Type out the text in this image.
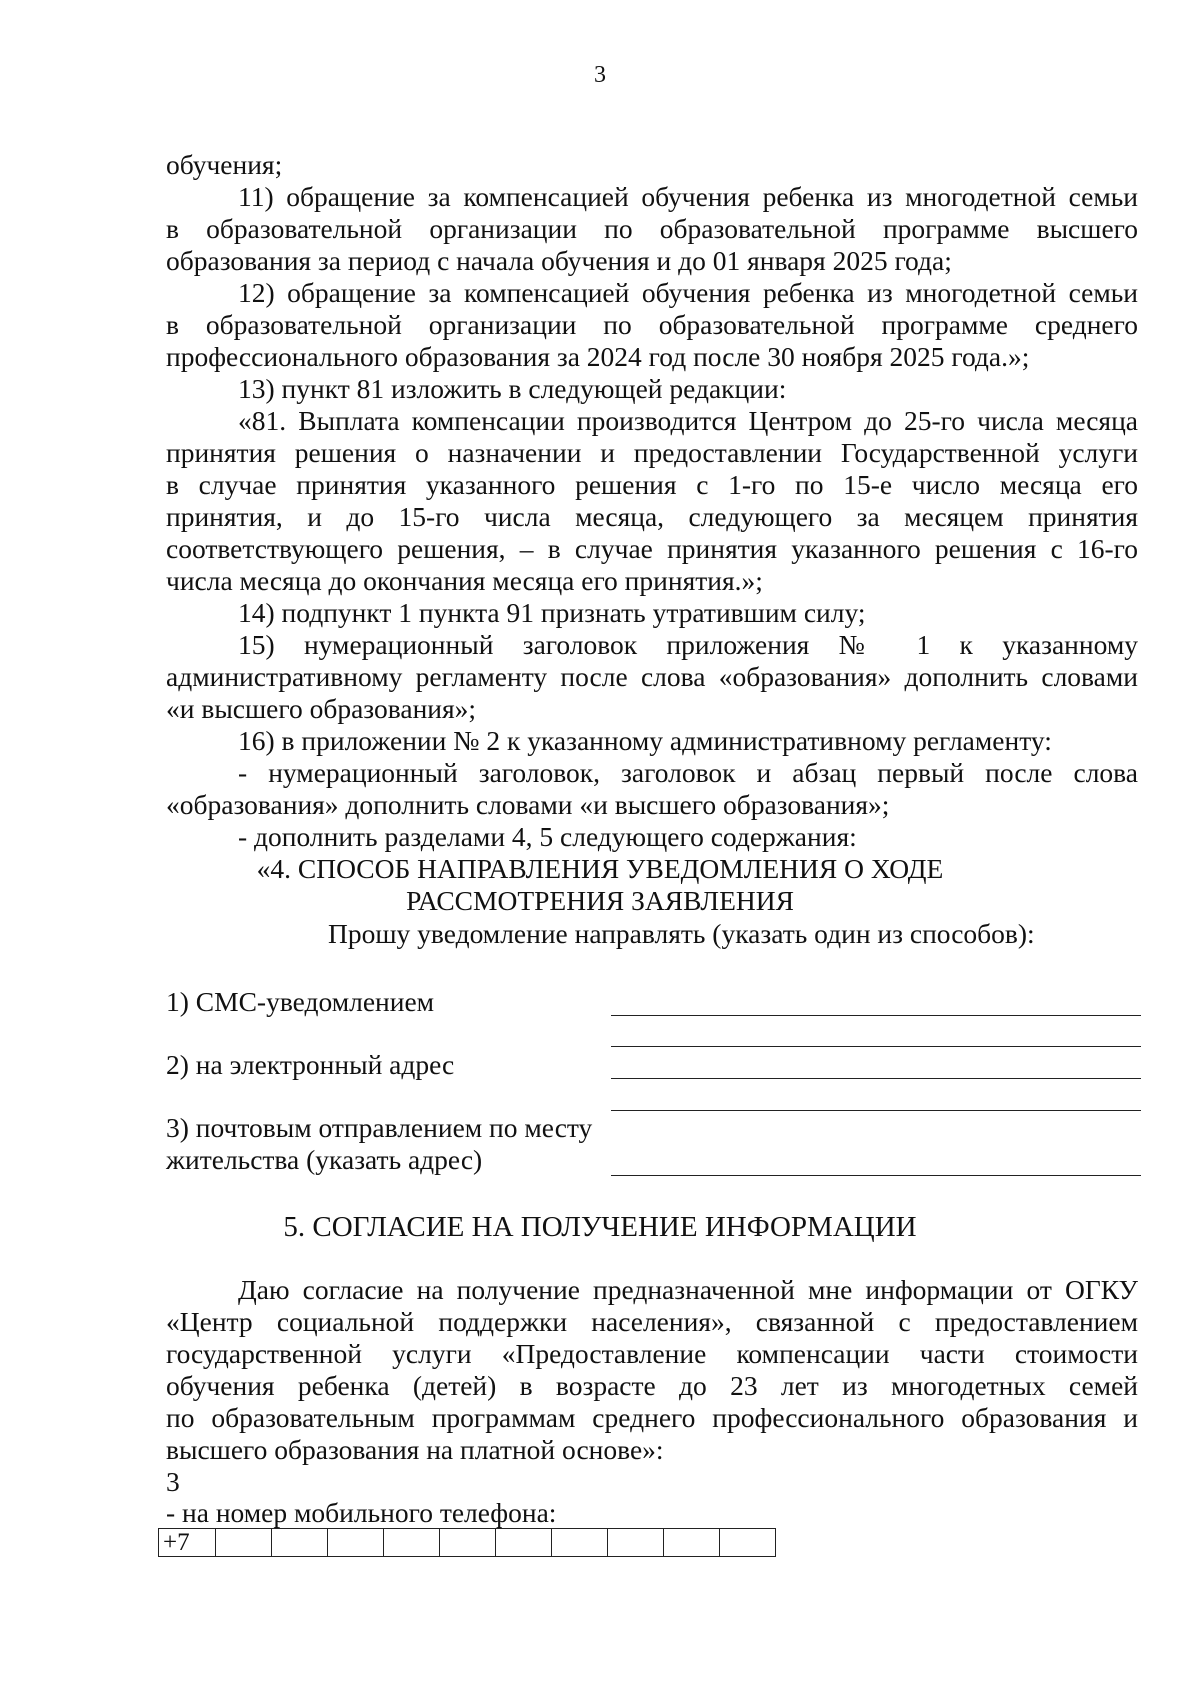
3
обучения;
11) обращение за компенсацией обучения ребенка из многодетной семьи
в образовательной организации по образовательной программе высшего
образования за период с начала обучения и до 01 января 2025 года;
12) обращение за компенсацией обучения ребенка из многодетной семьи
в образовательной организации по образовательной программе среднего
профессионального образования за 2024 год после 30 ноября 2025 года.»;
13) пункт 81 изложить в следующей редакции:
«81. Выплата компенсации производится Центром до 25-го числа месяца
принятия решения о назначении и предоставлении Государственной услуги
в случае принятия указанного решения с 1-го по 15-е число месяца его
принятия, и до 15-го числа месяца, следующего за месяцем принятия
соответствующего решения, – в случае принятия указанного решения с 16-го
числа месяца до окончания месяца его принятия.»;
14) подпункт 1 пункта 91 признать утратившим силу;
15) нумерационный заголовок приложения № 1 к указанному
административному регламенту после слова «образования» дополнить словами
«и высшего образования»;
16) в приложении № 2 к указанному административному регламенту:
- нумерационный заголовок, заголовок и абзац первый после слова
«образования» дополнить словами «и высшего образования»;
- дополнить разделами 4, 5 следующего содержания:
«4. СПОСОБ НАПРАВЛЕНИЯ УВЕДОМЛЕНИЯ О ХОДЕ
РАССМОТРЕНИЯ ЗАЯВЛЕНИЯ
Прошу уведомление направлять (указать один из способов):
1) СМС-уведомлением
2) на электронный адрес
3) почтовым отправлением по месту
жительства (указать адрес)
5. СОГЛАСИЕ НА ПОЛУЧЕНИЕ ИНФОРМАЦИИ
Даю согласие на получение предназначенной мне информации от ОГКУ
«Центр социальной поддержки населения», связанной с предоставлением
государственной услуги «Предоставление компенсации части стоимости
обучения ребенка (детей) в возрасте до 23 лет из многодетных семей
по образовательным программам среднего профессионального образования и
высшего образования на платной основе»:
3
- на номер мобильного телефона:
+7										
